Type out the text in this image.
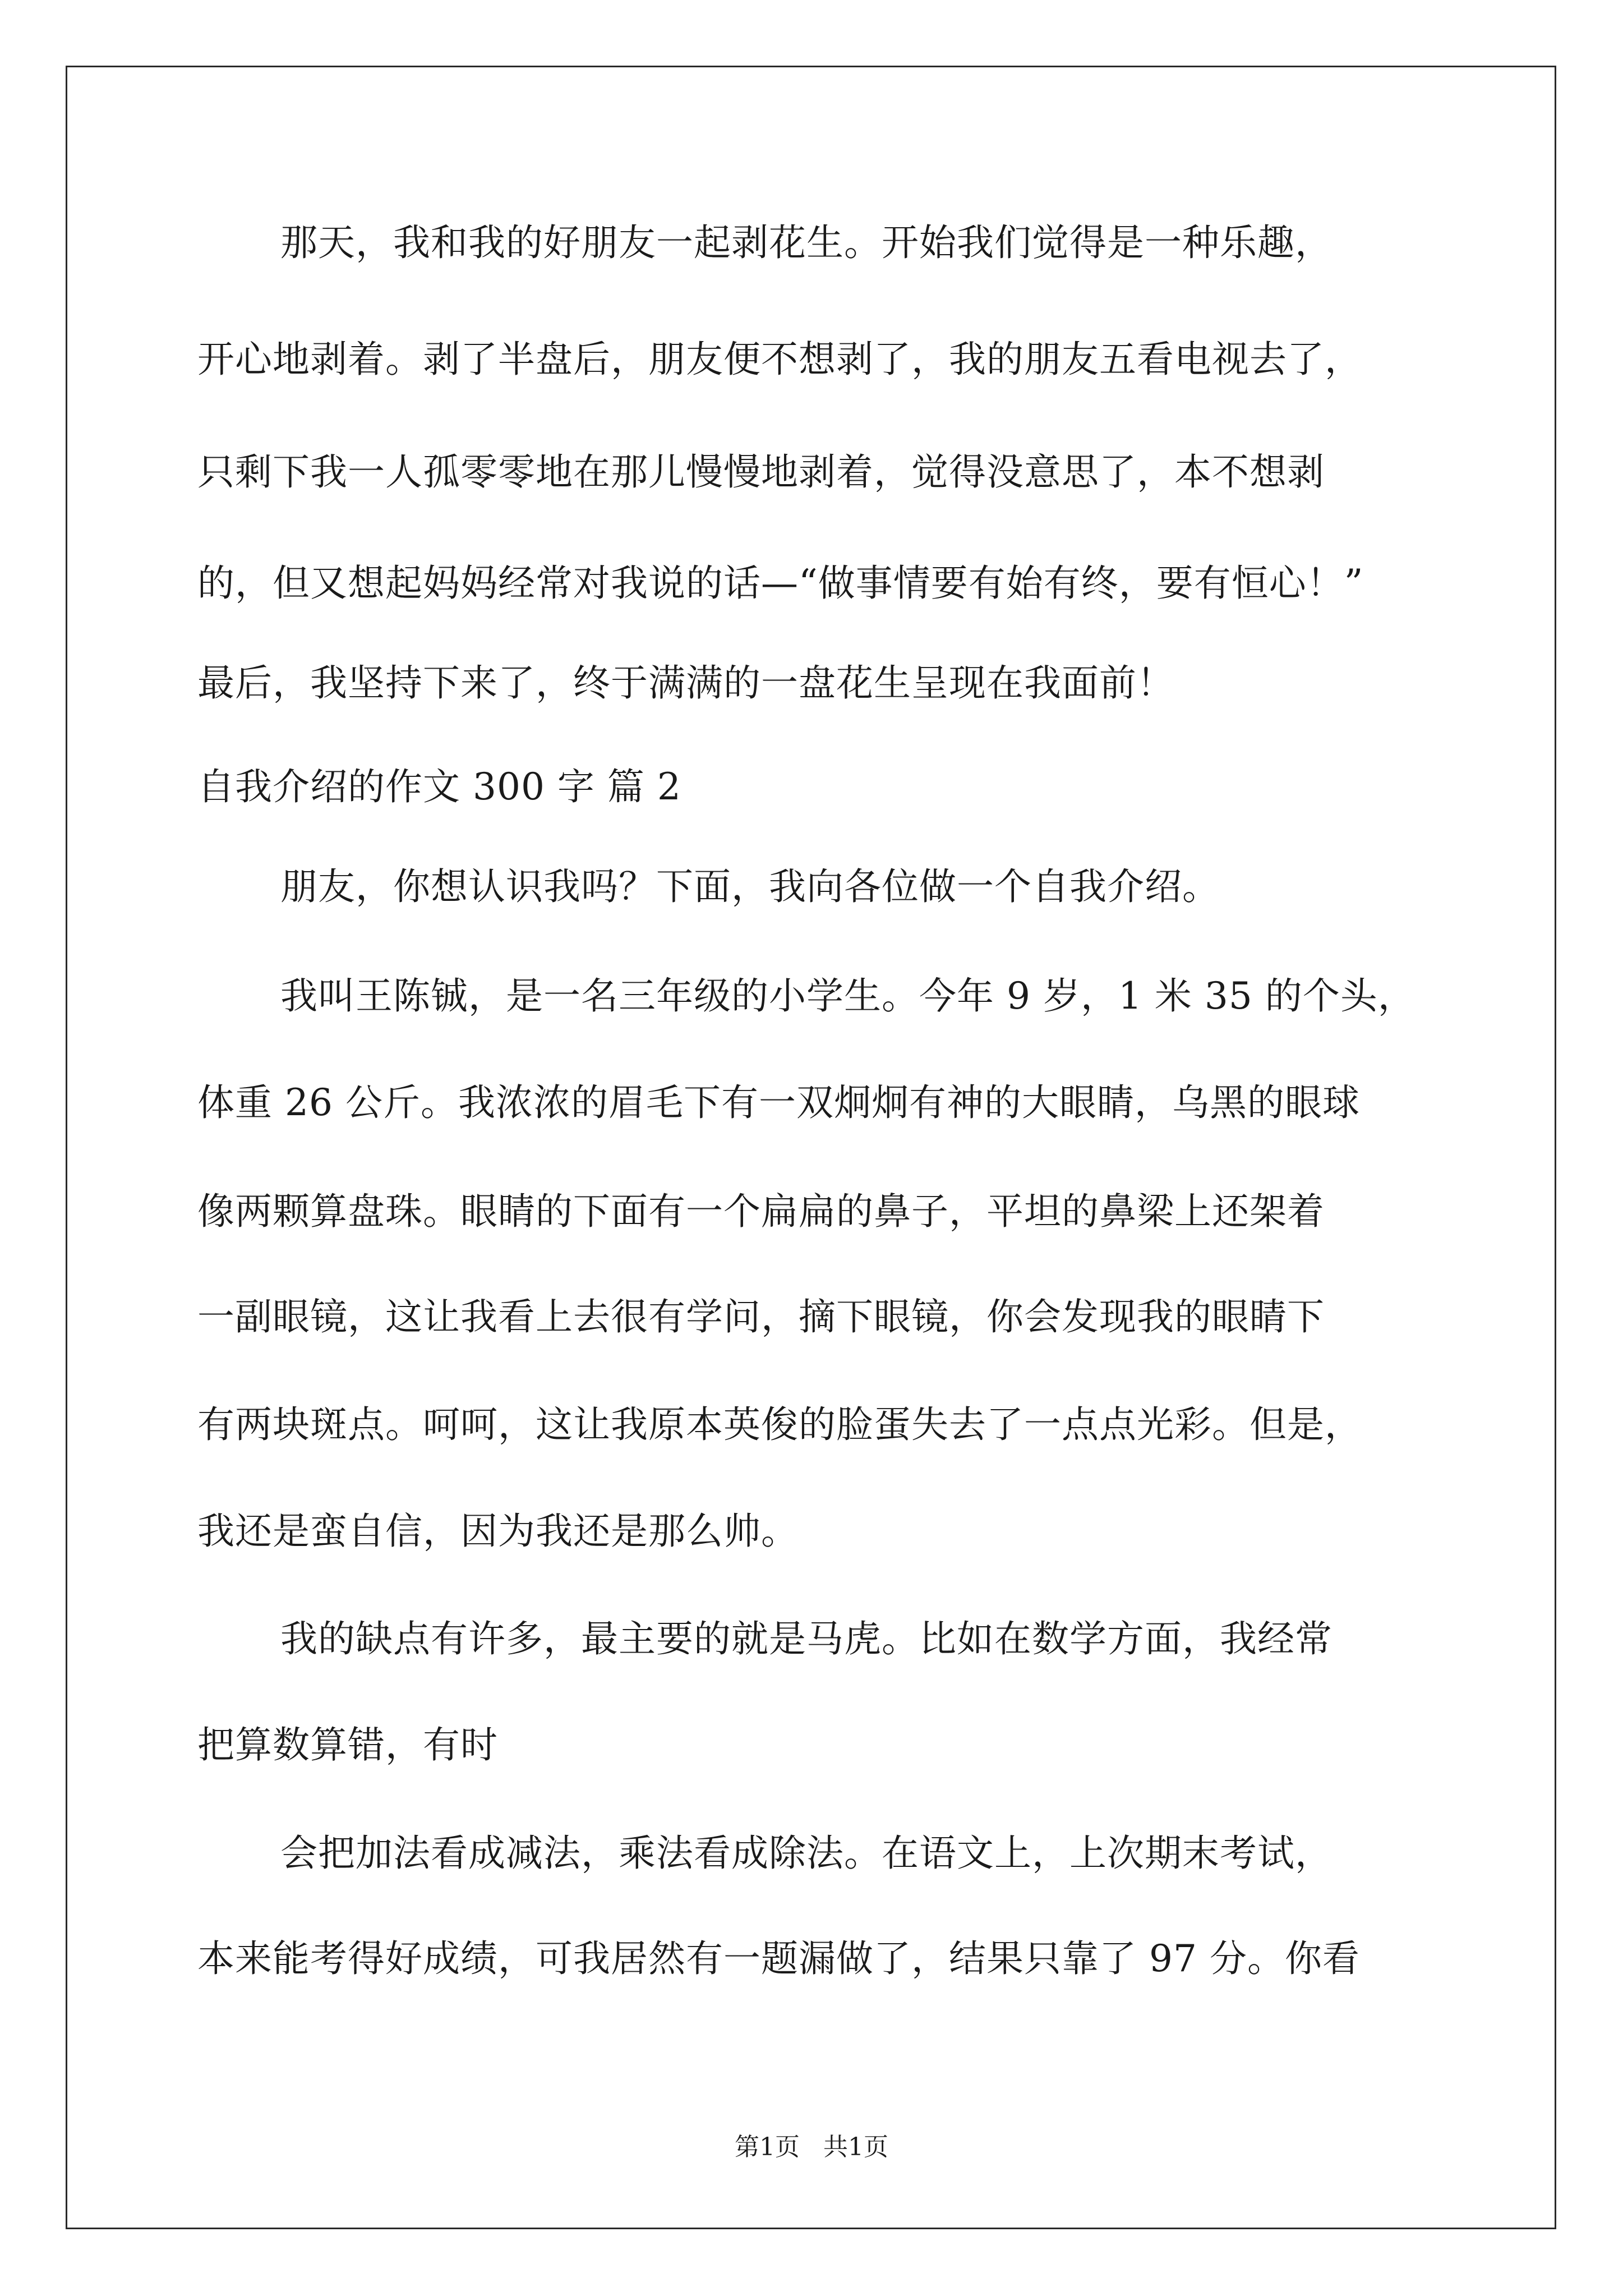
那天，我和我的好朋友一起剥花生。开始我们觉得是一种乐趣，
开心地剥着。剥了半盘后，朋友便不想剥了，我的朋友五看电视去了，
只剩下我一人孤零零地在那儿慢慢地剥着，觉得没意思了，本不想剥
的，但又想起妈妈经常对我说的话—“做事情要有始有终，要有恒心！”
最后，我坚持下来了，终于满满的一盘花生呈现在我面前！
自我介绍的作文 300 字 篇 2
朋友，你想认识我吗？下面，我向各位做一个自我介绍。
我叫王陈铖，是一名三年级的小学生。今年 9 岁，1 米 35 的个头，
体重 26 公斤。我浓浓的眉毛下有一双炯炯有神的大眼睛，乌黑的眼球
像两颗算盘珠。眼睛的下面有一个扁扁的鼻子，平坦的鼻梁上还架着
一副眼镜，这让我看上去很有学问，摘下眼镜，你会发现我的眼睛下
有两块斑点。呵呵，这让我原本英俊的脸蛋失去了一点点光彩。但是，
我还是蛮自信，因为我还是那么帅。
我的缺点有许多，最主要的就是马虎。比如在数学方面，我经常
把算数算错，有时
会把加法看成减法，乘法看成除法。在语文上，上次期末考试，
本来能考得好成绩，可我居然有一题漏做了，结果只靠了 97 分。你看
第1页   共1页
